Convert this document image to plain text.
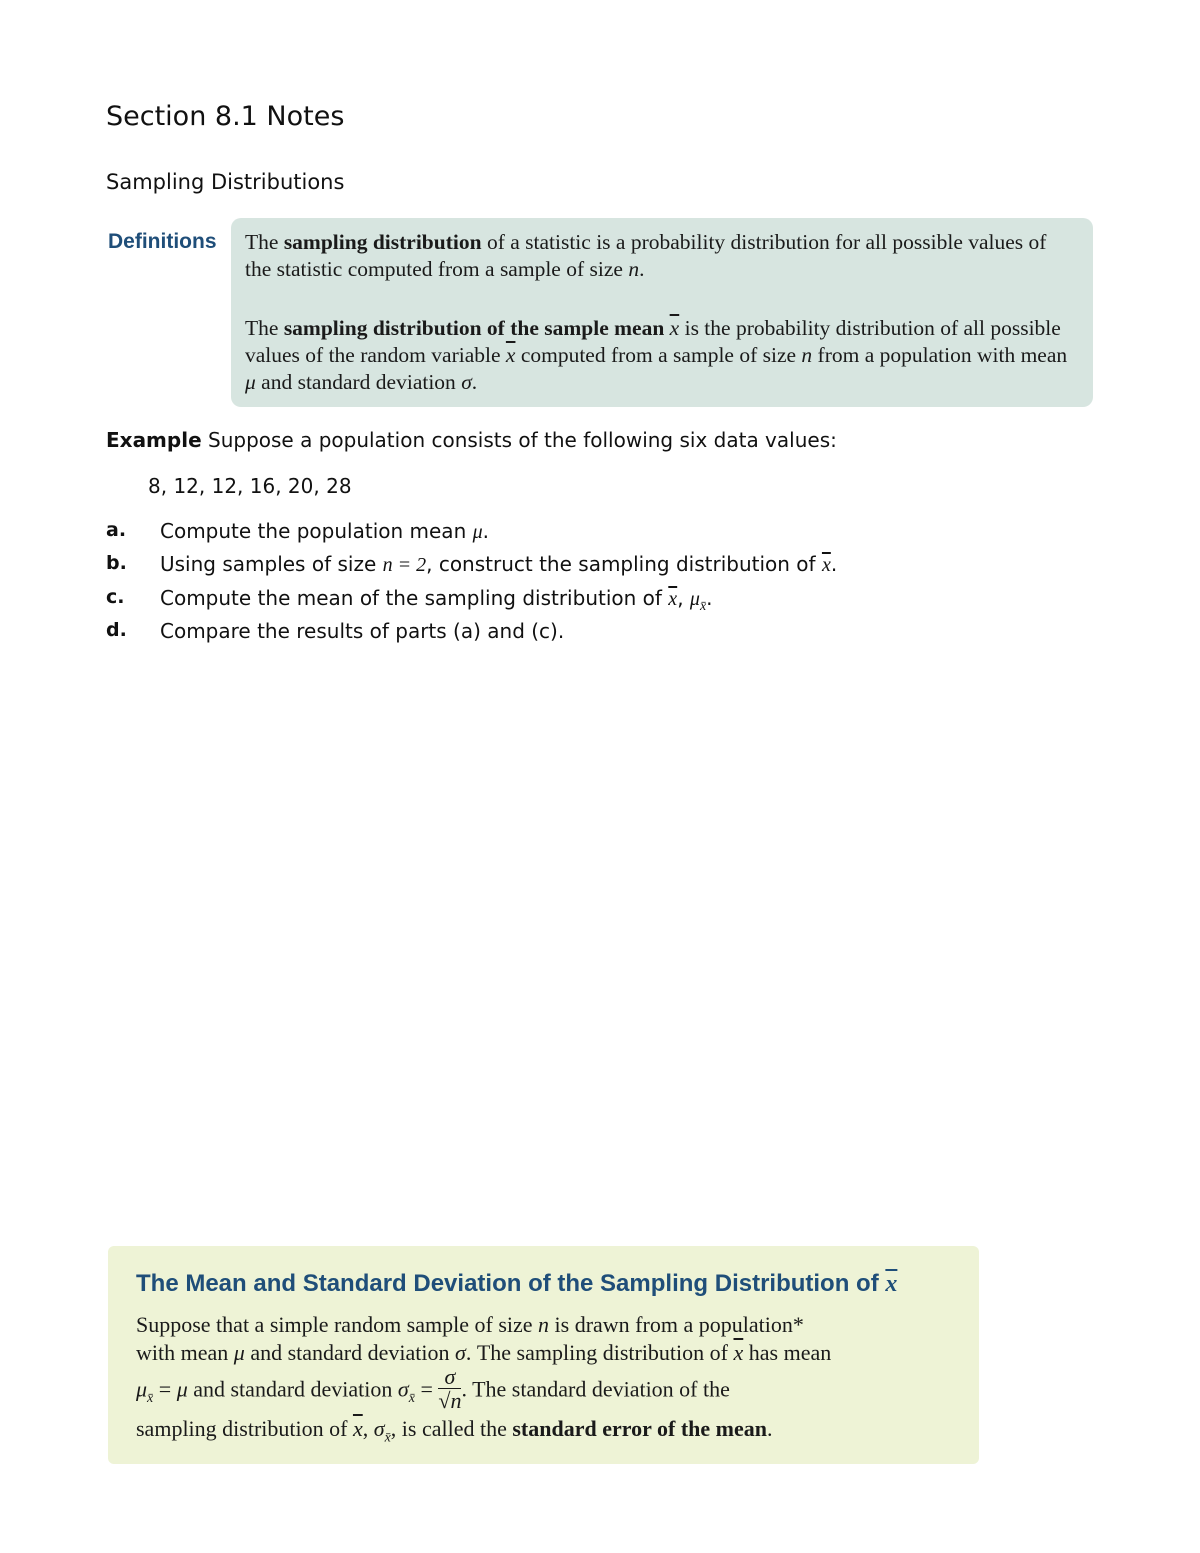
Section 8.1 Notes
Sampling Distributions
Definitions The sampling distribution of a statistic is a probability distribution for all possible values of the statistic computed from a sample of size n.
The sampling distribution of the sample mean $\overline{x}$ is the probability distribution of all possible values of the random variable $\overline{x}$ computed from a sample of size n from a population with mean μ and standard deviation σ.
Example Suppose a population consists of the following six data values:
8, 12, 12, 16, 20, 28
a. Compute the population mean μ.
b. Using samples of size n = 2, construct the sampling distribution of $\overline{x}$.
c. Compute the mean of the sampling distribution of $\overline{x}$, $\mu_{x̄}$.
d. Compare the results of parts (a) and (c).
The Mean and Standard Deviation of the Sampling Distribution of $\overline{x}$
Suppose that a simple random sample of size n is drawn from a population*
with mean μ and standard deviation σ. The sampling distribution of $\overline{x}$ has mean
$\mu_{x̄} = \mu$ and standard deviation $\sigma_{x̄} = \frac{\sigma}{√n}$ . The standard deviation of the
sampling distribution of $\overline{x}$, $\sigma_{x̄}$, is called the standard error of the mean.
